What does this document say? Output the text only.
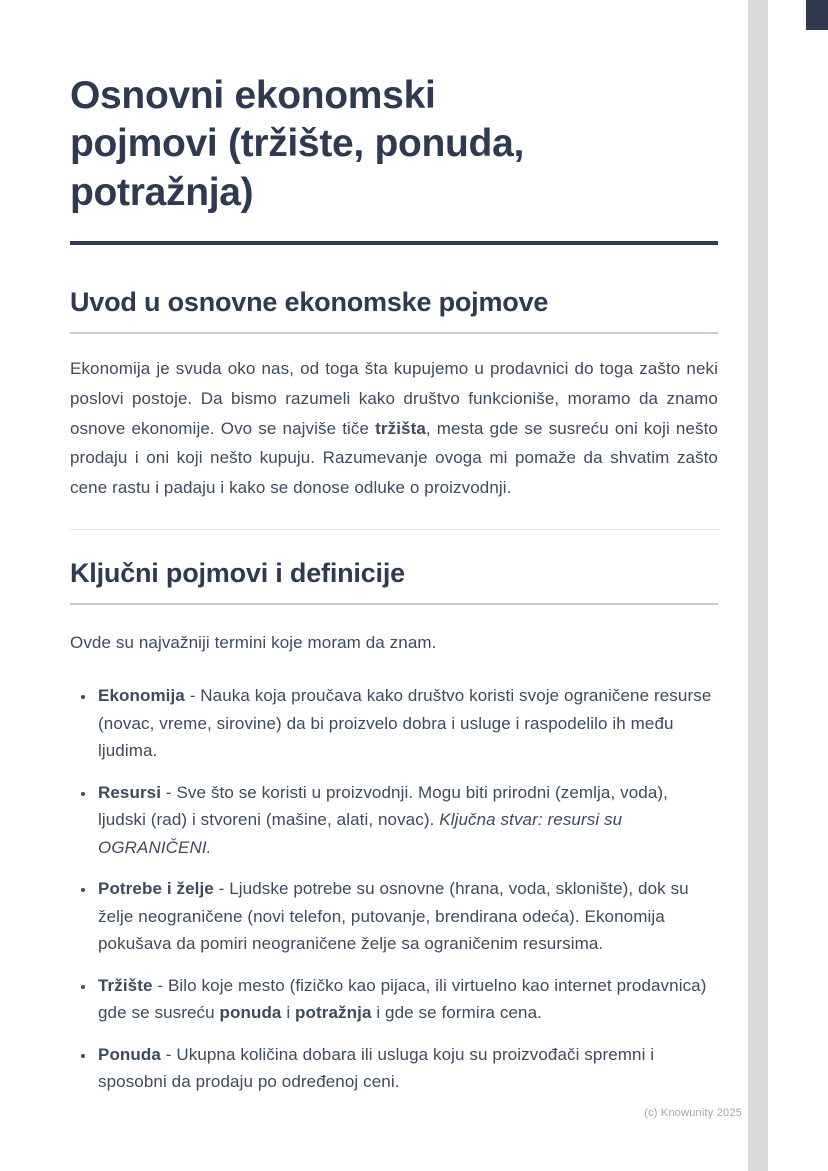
Osnovni ekonomski
pojmovi (tržište, ponuda,
potražnja)
Uvod u osnovne ekonomske pojmove

Ekonomija je svuda oko nas, od toga šta kupujemo u prodavnici do toga zašto neki poslovi postoje. Da bismo razumeli kako društvo funkcioniše, moramo da znamo osnove ekonomije. Ovo se najviše tiče tržišta, mesta gde se susreću oni koji nešto prodaju i oni koji nešto kupuju. Razumevanje ovoga mi pomaže da shvatim zašto cene rastu i padaju i kako se donose odluke o proizvodnji.

Ključni pojmovi i definicije

Ovde su najvažniji termini koje moram da znam.

• Ekonomija - Nauka koja proučava kako društvo koristi svoje ograničene resurse (novac, vreme, sirovine) da bi proizvelo dobra i usluge i raspodelilo ih među ljudima.
• Resursi - Sve što se koristi u proizvodnji. Mogu biti prirodni (zemlja, voda), ljudski (rad) i stvoreni (mašine, alati, novac). Ključna stvar: resursi su OGRANIČENI.
• Potrebe i želje - Ljudske potrebe su osnovne (hrana, voda, sklonište), dok su želje neograničene (novi telefon, putovanje, brendirana odeća). Ekonomija pokušava da pomiri neograničene želje sa ograničenim resursima.
• Tržište - Bilo koje mesto (fizičko kao pijaca, ili virtuelno kao internet prodavnica) gde se susreću ponuda i potražnja i gde se formira cena.
• Ponuda - Ukupna količina dobara ili usluga koju su proizvođači spremni i sposobni da prodaju po određenoj ceni.
(c) Knowunity 2025
